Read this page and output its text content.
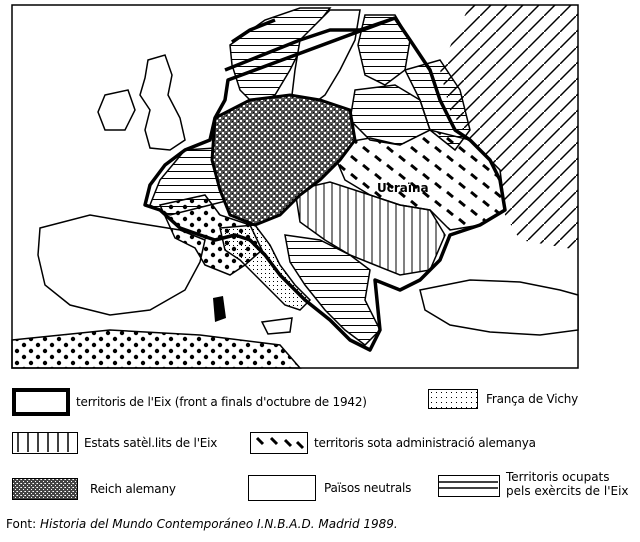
Ucraïna
territoris de l'Eix (front a finals d'octubre de 1942)	França de Vichy
Estats satèl.lits de l'Eix	territoris sota administració alemanya
Reich alemany	Països neutrals
Territoris ocupats
pels exèrcits de l'Eix
Font: Historia del Mundo Contemporáneo I.N.B.A.D. Madrid 1989.
